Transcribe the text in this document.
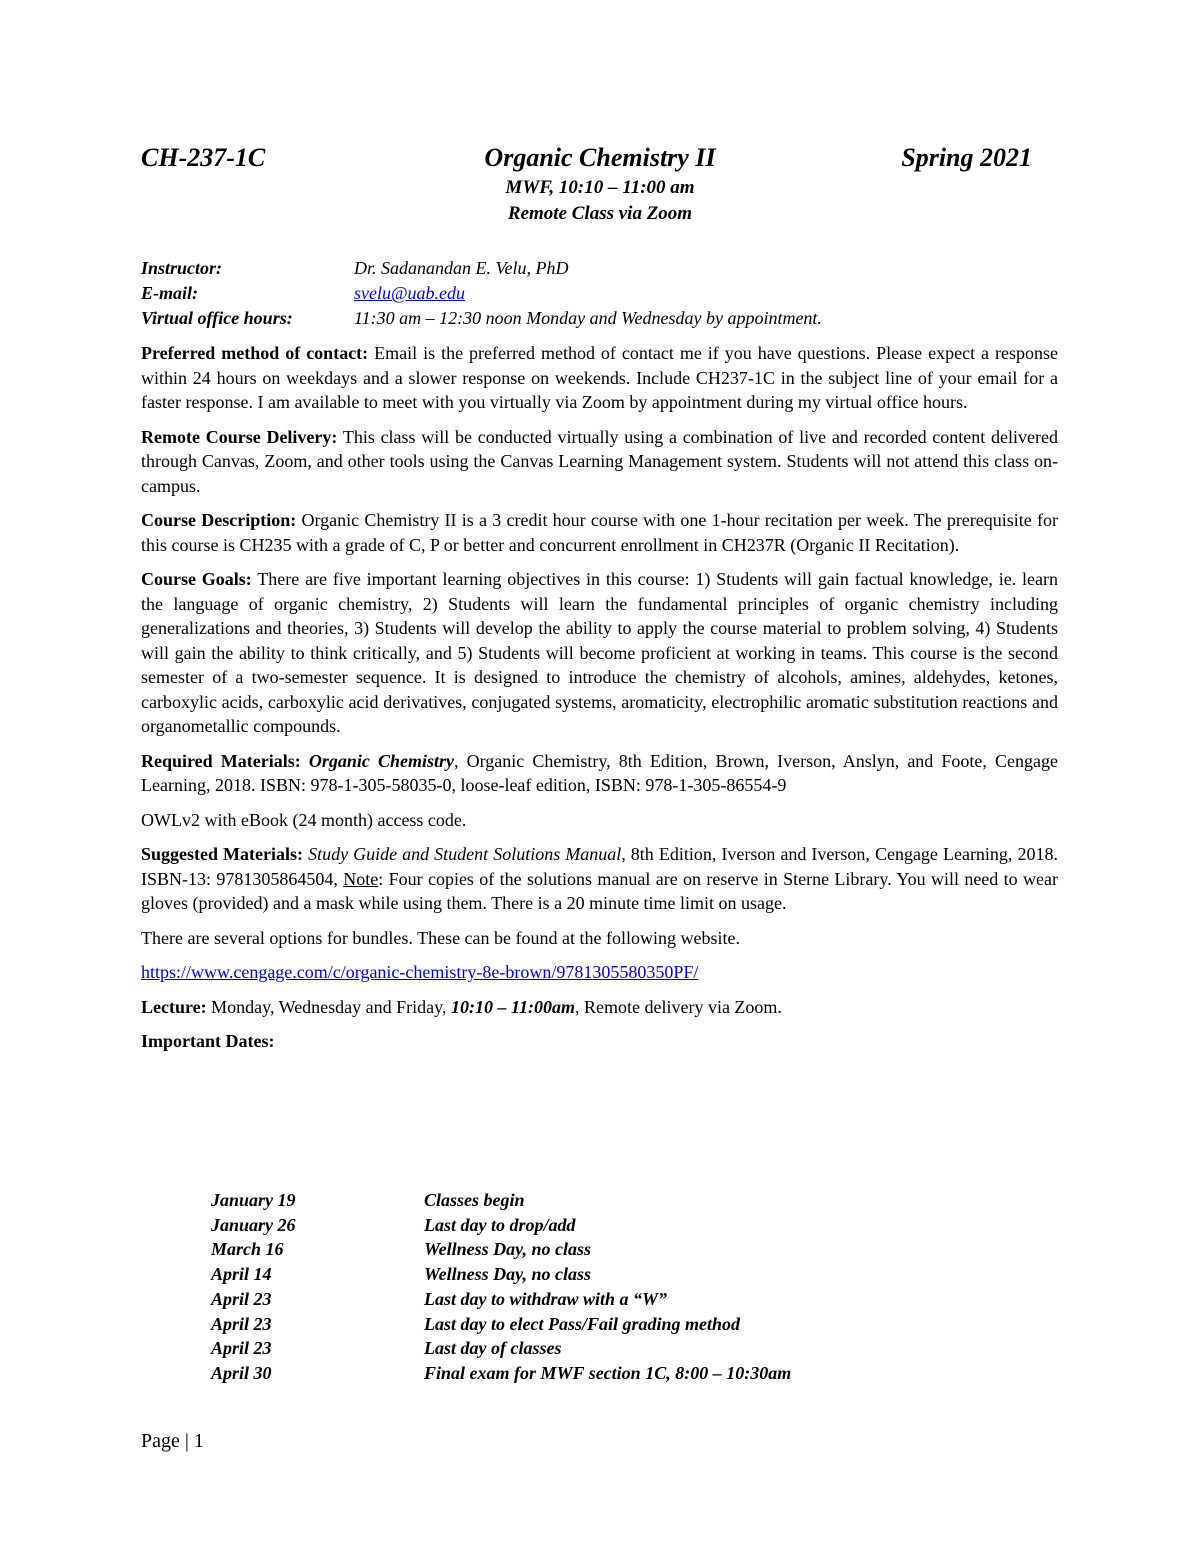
CH-237-1C	Organic Chemistry II	Spring 2021
MWF, 10:10 – 11:00 am
Remote Class via Zoom
Instructor:	Dr. Sadanandan E. Velu, PhD
E-mail:	svelu@uab.edu
Virtual office hours:	11:30 am – 12:30 noon Monday and Wednesday by appointment.

Preferred method of contact: Email is the preferred method of contact me if you have questions. Please expect a response within 24 hours on weekdays and a slower response on weekends. Include CH237-1C in the subject line of your email for a faster response. I am available to meet with you virtually via Zoom by appointment during my virtual office hours.

Remote Course Delivery: This class will be conducted virtually using a combination of live and recorded content delivered through Canvas, Zoom, and other tools using the Canvas Learning Management system. Students will not attend this class on-campus.

Course Description: Organic Chemistry II is a 3 credit hour course with one 1-hour recitation per week. The prerequisite for this course is CH235 with a grade of C, P or better and concurrent enrollment in CH237R (Organic II Recitation).

Course Goals: There are five important learning objectives in this course: 1) Students will gain factual knowledge, ie. learn the language of organic chemistry, 2) Students will learn the fundamental principles of organic chemistry including generalizations and theories, 3) Students will develop the ability to apply the course material to problem solving, 4) Students will gain the ability to think critically, and 5) Students will become proficient at working in teams. This course is the second semester of a two-semester sequence. It is designed to introduce the chemistry of alcohols, amines, aldehydes, ketones, carboxylic acids, carboxylic acid derivatives, conjugated systems, aromaticity, electrophilic aromatic substitution reactions and organometallic compounds.

Required Materials: Organic Chemistry, Organic Chemistry, 8th Edition, Brown, Iverson, Anslyn, and Foote, Cengage Learning, 2018. ISBN: 978-1-305-58035-0, loose-leaf edition, ISBN: 978-1-305-86554-9

OWLv2 with eBook (24 month) access code.

Suggested Materials: Study Guide and Student Solutions Manual, 8th Edition, Iverson and Iverson, Cengage Learning, 2018. ISBN-13: 9781305864504, Note: Four copies of the solutions manual are on reserve in Sterne Library. You will need to wear gloves (provided) and a mask while using them. There is a 20 minute time limit on usage.

There are several options for bundles. These can be found at the following website.

https://www.cengage.com/c/organic-chemistry-8e-brown/9781305580350PF/

Lecture: Monday, Wednesday and Friday, 10:10 – 11:00am, Remote delivery via Zoom.

Important Dates:

January 19	Classes begin
January 26	Last day to drop/add
March 16	Wellness Day, no class
April 14	Wellness Day, no class
April 23	Last day to withdraw with a “W”
April 23	Last day to elect Pass/Fail grading method
April 23	Last day of classes
April 30	Final exam for MWF section 1C, 8:00 – 10:30am
Page | 1
